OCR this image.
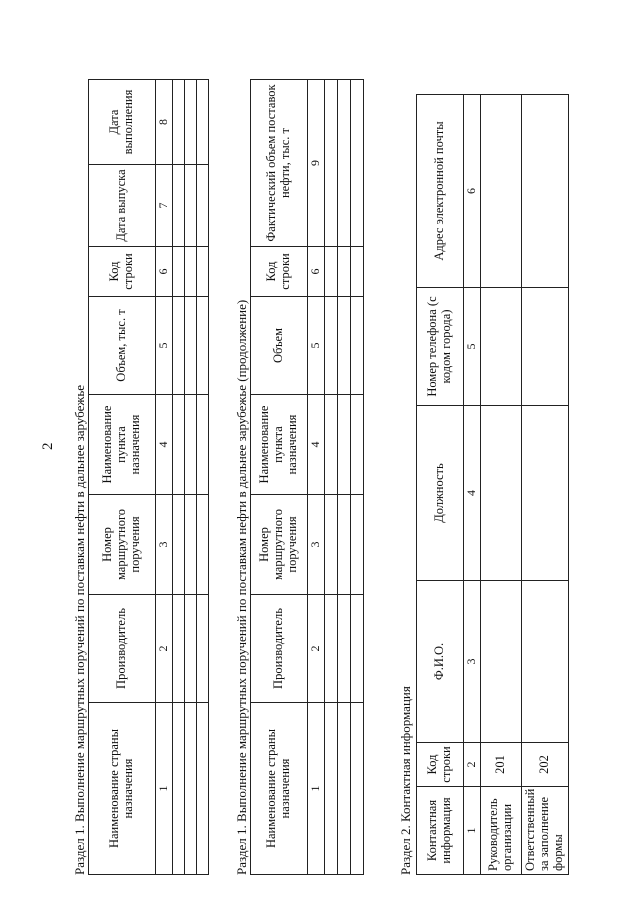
2 Раздел 1. Выполнение маршрутных поручений по поставкам нефти в дальнее зарубежье Наименование страны назначения	Производитель	Номер маршрутного поручения	Наименование пункта назначения	Объем, тыс. т	Код строки	Дата выпуска	Дата выполнения
1	2	3	4	5	6	7	8

Раздел 1. Выполнение маршрутных поручений по поставкам нефти в дальнее зарубежье (продолжение) Наименование страны назначения	Производитель	Номер маршрутного поручения	Наименование пункта назначения	Объем	Код строки	Фактический объем поставок нефти, тыс. т
1	2	3	4	5	6	9

Раздел 2. Контактная информация Контактная информация	Код строки	Ф.И.О.	Должность	Номер телефона (с кодом города)	Адрес электронной почты
1	2	3	4	5	6
Руководитель организации	201				
Ответственный за заполнение формы	202				
